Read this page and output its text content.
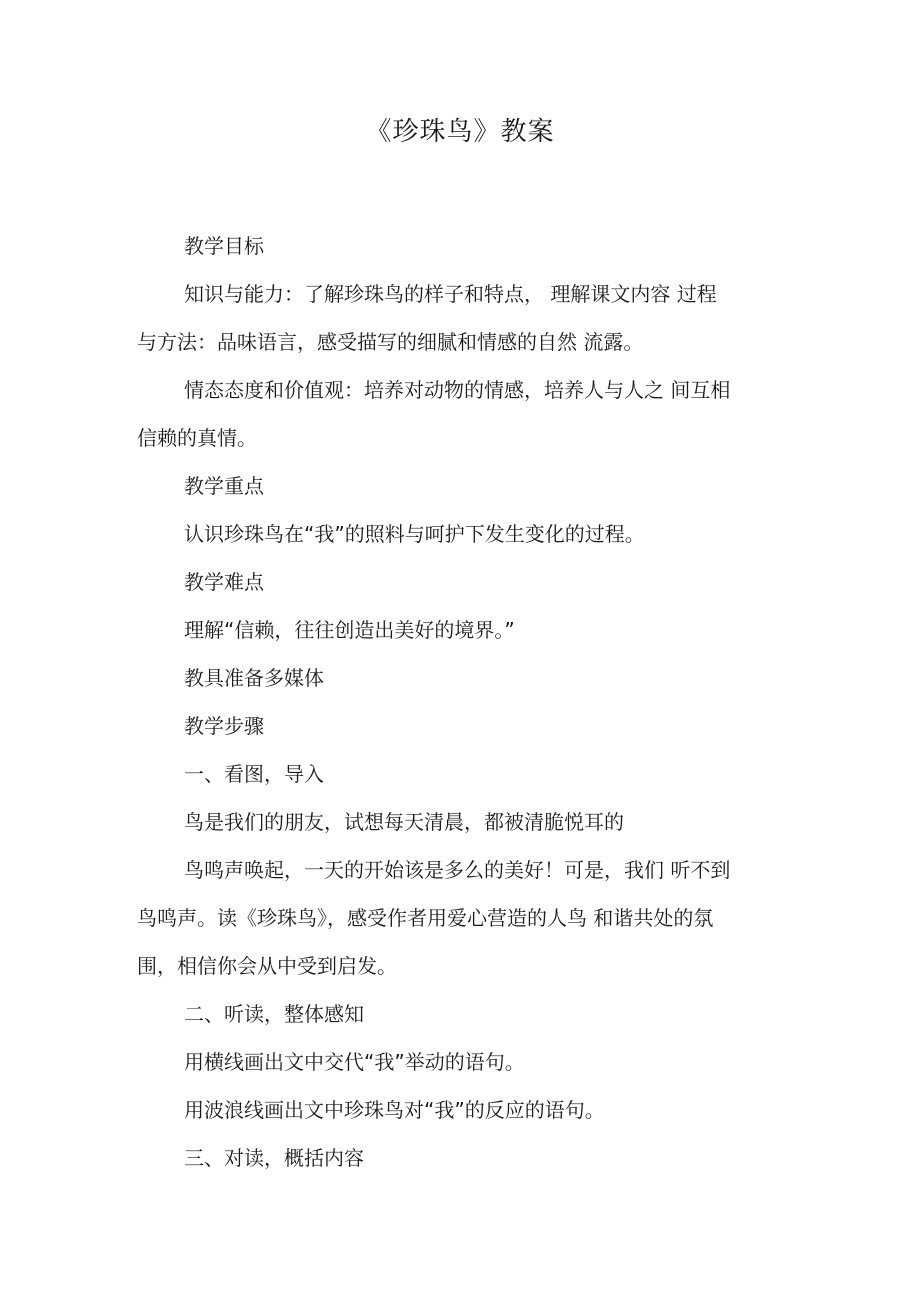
《珍珠鸟》教案

教学目标

知识与能力：了解珍珠鸟的样子和特点， 理解课文内容 过程
与方法：品味语言，感受描写的细腻和情感的自然 流露。

情态态度和价值观：培养对动物的情感，培养人与人之 间互相
信赖的真情。

教学重点

认识珍珠鸟在“我”的照料与呵护下发生变化的过程。

教学难点

理解“信赖，往往创造出美好的境界。”

教具准备多媒体

教学步骤

一、看图，导入

鸟是我们的朋友，试想每天清晨，都被清脆悦耳的

鸟鸣声唤起，一天的开始该是多么的美好！可是，我们 听不到
鸟鸣声。读《珍珠鸟》，感受作者用爱心营造的人鸟 和谐共处的氛
围，相信你会从中受到启发。

二、听读，整体感知

用横线画出文中交代“我”举动的语句。

用波浪线画出文中珍珠鸟对“我”的反应的语句。

三、对读，概括内容
